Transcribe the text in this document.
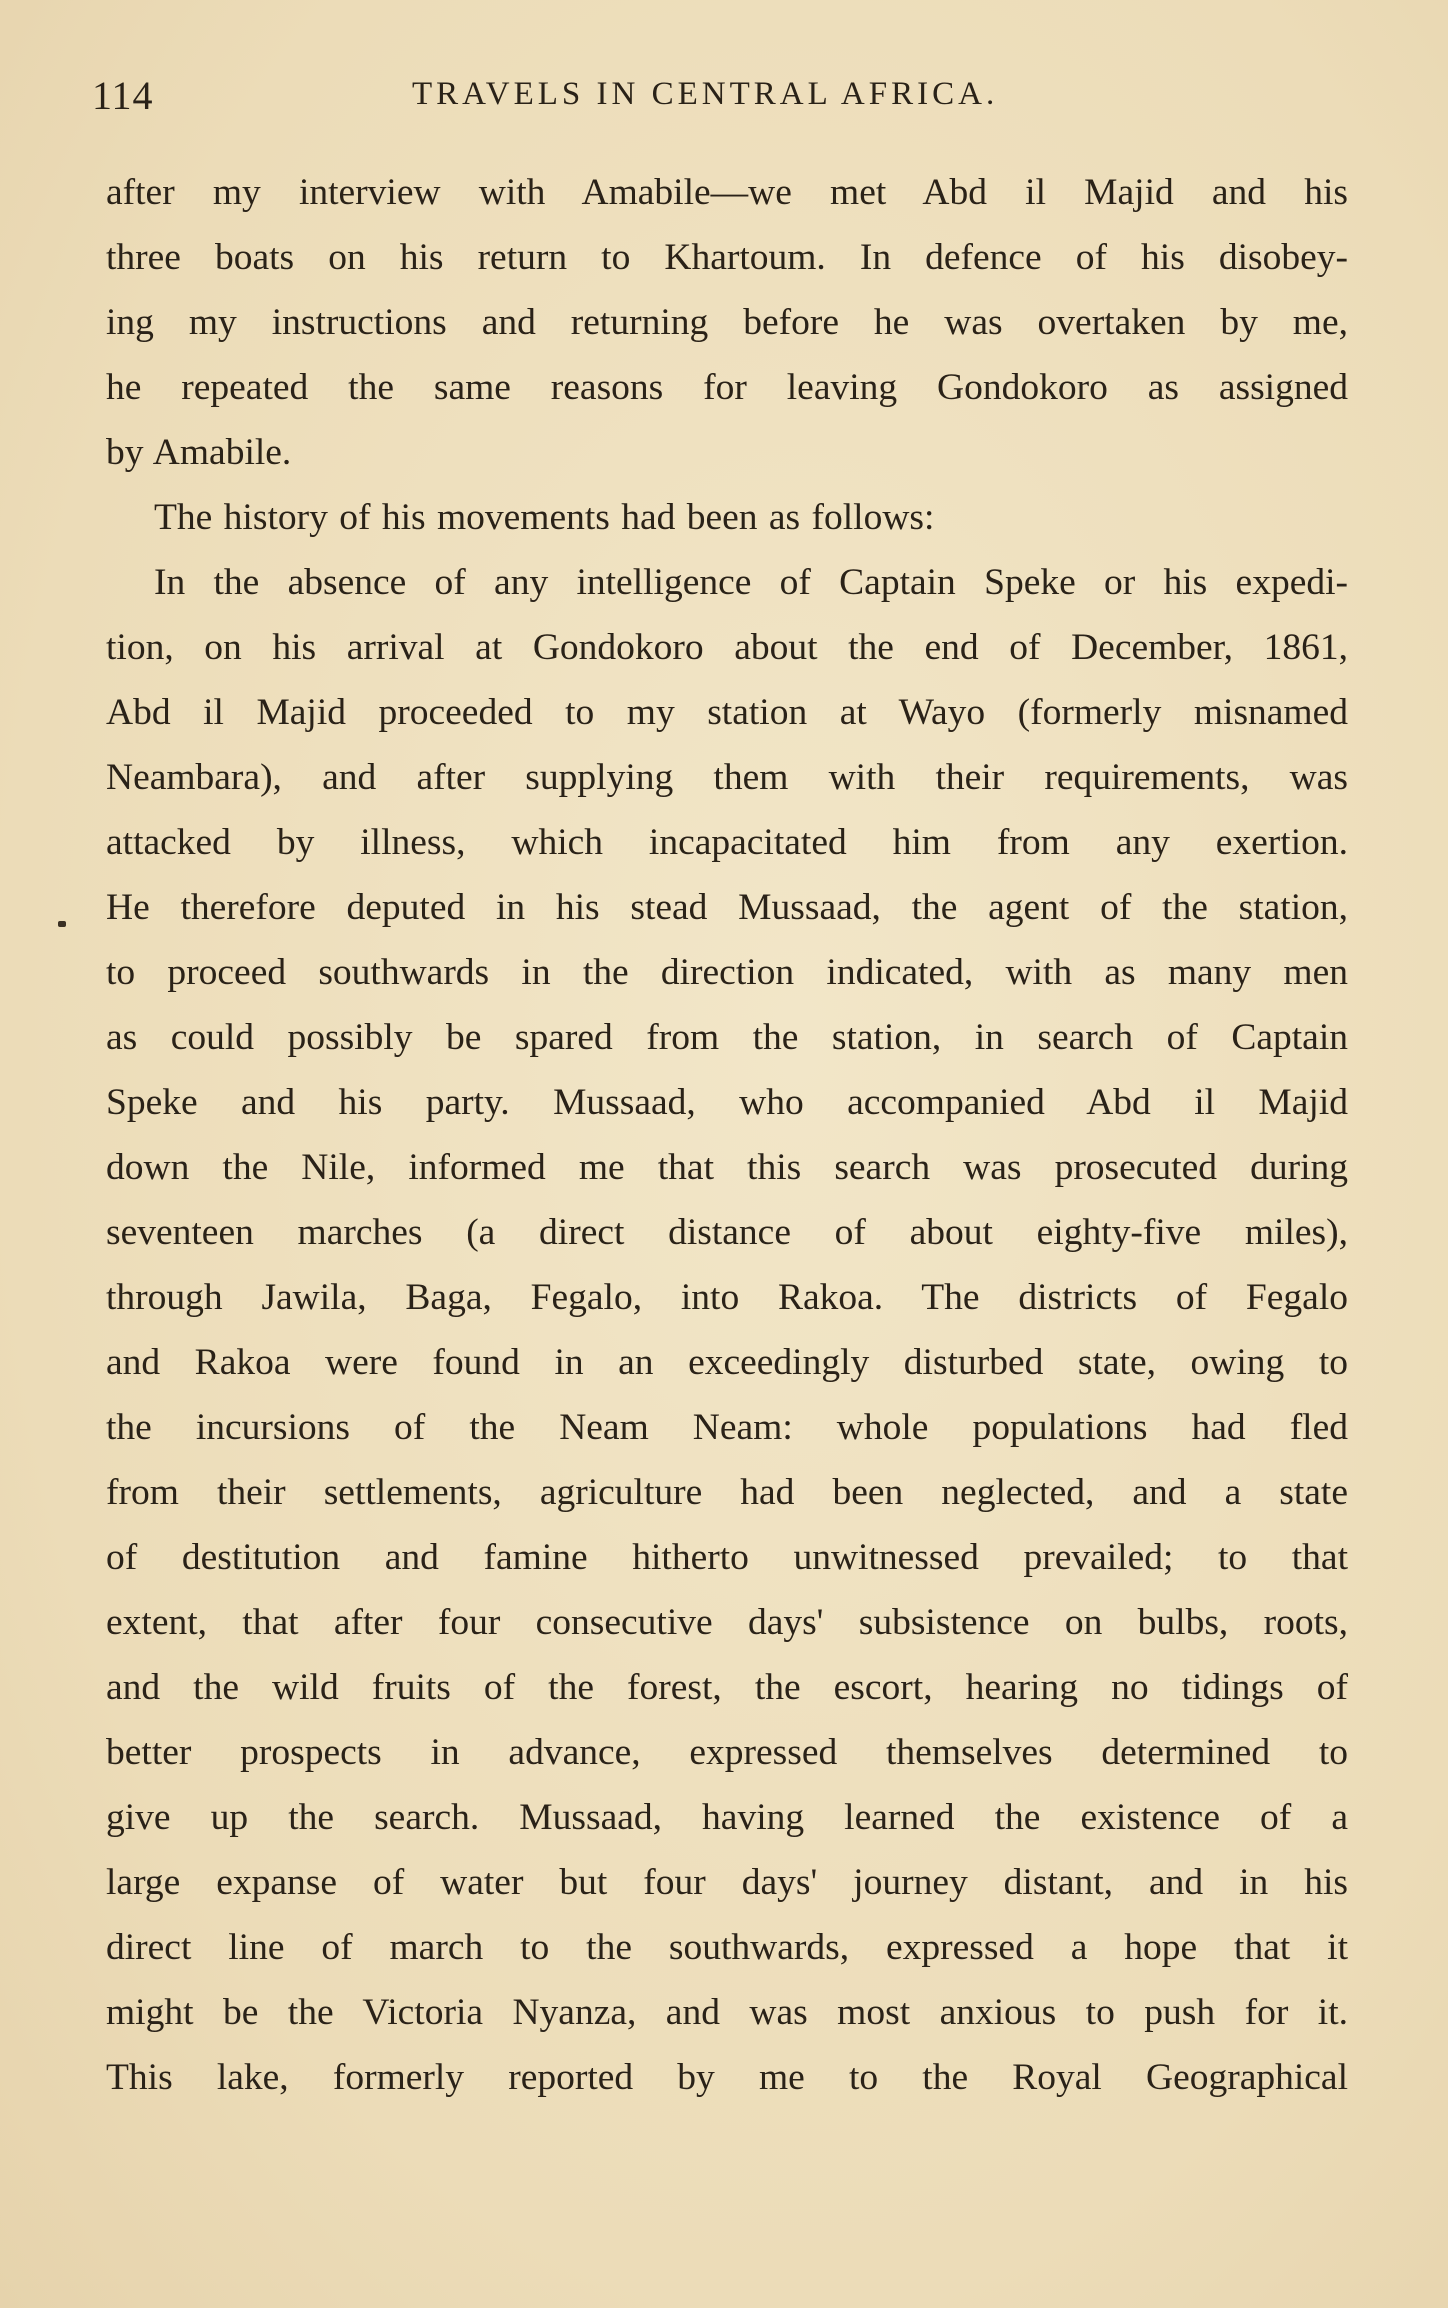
114	TRAVELS IN CENTRAL AFRICA.
after my interview with Amabile—we met Abd il Majid and his
three boats on his return to Khartoum. In defence of his disobey-
ing my instructions and returning before he was overtaken by me,
he repeated the same reasons for leaving Gondokoro as assigned
by Amabile.
The history of his movements had been as follows:
In the absence of any intelligence of Captain Speke or his expedi-
tion, on his arrival at Gondokoro about the end of December, 1861,
Abd il Majid proceeded to my station at Wayo (formerly misnamed
Neambara), and after supplying them with their requirements, was
attacked by illness, which incapacitated him from any exertion.
He therefore deputed in his stead Mussaad, the agent of the station,
to proceed southwards in the direction indicated, with as many men
as could possibly be spared from the station, in search of Captain
Speke and his party. Mussaad, who accompanied Abd il Majid
down the Nile, informed me that this search was prosecuted during
seventeen marches (a direct distance of about eighty-five miles),
through Jawila, Baga, Fegalo, into Rakoa. The districts of Fegalo
and Rakoa were found in an exceedingly disturbed state, owing to
the incursions of the Neam Neam: whole populations had fled
from their settlements, agriculture had been neglected, and a state
of destitution and famine hitherto unwitnessed prevailed; to that
extent, that after four consecutive days' subsistence on bulbs, roots,
and the wild fruits of the forest, the escort, hearing no tidings of
better prospects in advance, expressed themselves determined to
give up the search. Mussaad, having learned the existence of a
large expanse of water but four days' journey distant, and in his
direct line of march to the southwards, expressed a hope that it
might be the Victoria Nyanza, and was most anxious to push for it.
This lake, formerly reported by me to the Royal Geographical
